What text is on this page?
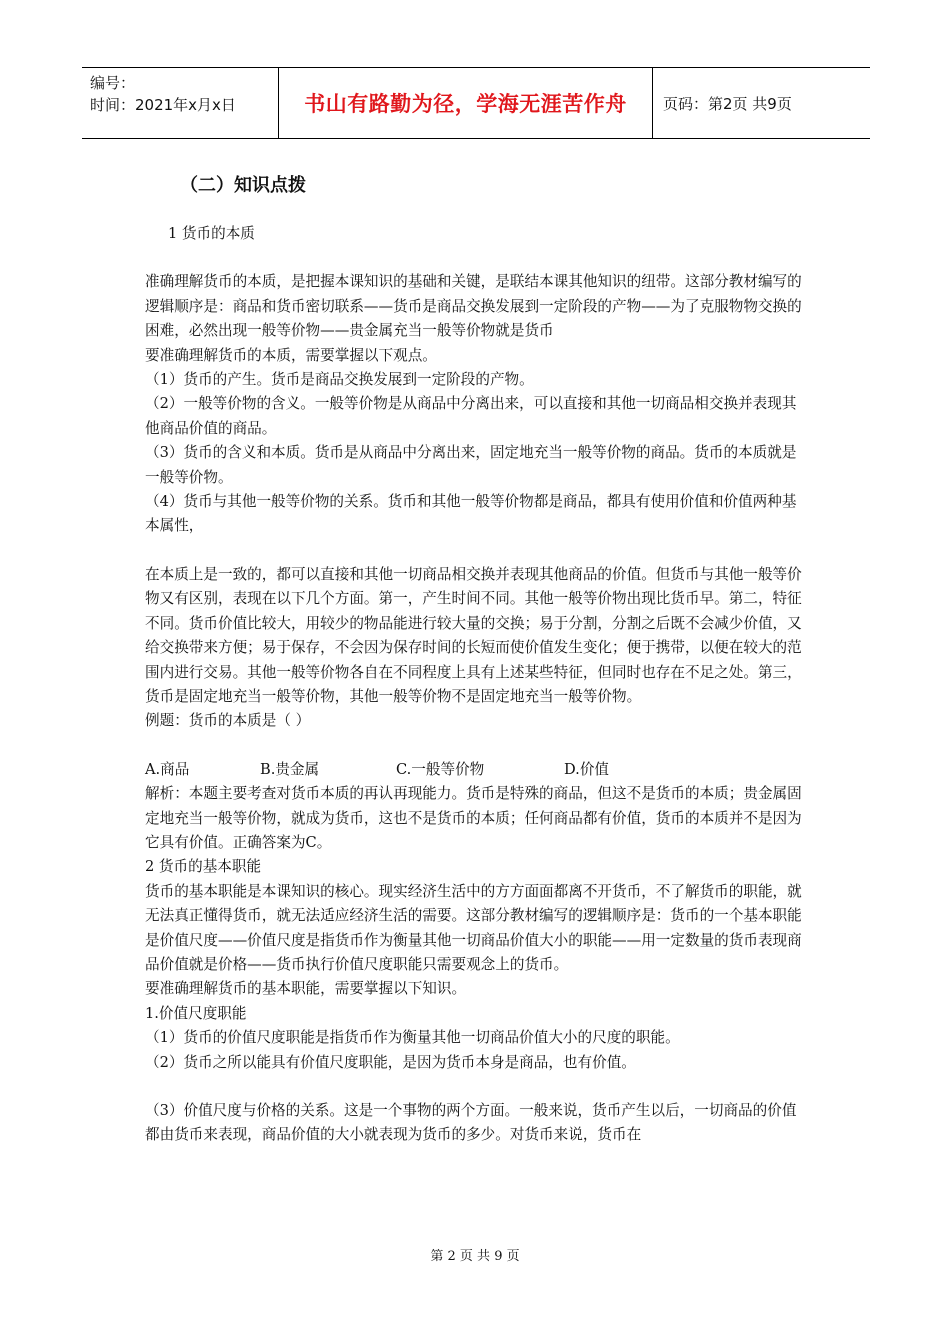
编号：
时间：2021年x月x日	书山有路勤为径，学海无涯苦作舟	页码：第2页 共9页
（二）知识点拨

1 货币的本质

准确理解货币的本质，是把握本课知识的基础和关键，是联结本课其他知识的纽带。这部分教材编写的逻辑顺序是：商品和货币密切联系——货币是商品交换发展到一定阶段的产物——为了克服物物交换的困难，必然出现一般等价物——贵金属充当一般等价物就是货币

要准确理解货币的本质，需要掌握以下观点。

（1）货币的产生。货币是商品交换发展到一定阶段的产物。

（2）一般等价物的含义。一般等价物是从商品中分离出来，可以直接和其他一切商品相交换并表现其他商品价值的商品。

（3）货币的含义和本质。货币是从商品中分离出来，固定地充当一般等价物的商品。货币的本质就是一般等价物。

（4）货币与其他一般等价物的关系。货币和其他一般等价物都是商品，都具有使用价值和价值两种基本属性，

在本质上是一致的，都可以直接和其他一切商品相交换并表现其他商品的价值。但货币与其他一般等价物又有区别，表现在以下几个方面。第一，产生时间不同。其他一般等价物出现比货币早。第二，特征不同。货币价值比较大，用较少的物品能进行较大量的交换；易于分割，分割之后既不会减少价值，又给交换带来方便；易于保存，不会因为保存时间的长短而使价值发生变化；便于携带，以便在较大的范围内进行交易。其他一般等价物各自在不同程度上具有上述某些特征，但同时也存在不足之处。第三，货币是固定地充当一般等价物，其他一般等价物不是固定地充当一般等价物。

例题：货币的本质是（ ）

A.商品	B.贵金属	C.一般等价物	D.价值

解析：本题主要考查对货币本质的再认再现能力。货币是特殊的商品，但这不是货币的本质；贵金属固定地充当一般等价物，就成为货币，这也不是货币的本质；任何商品都有价值，货币的本质并不是因为它具有价值。正确答案为C。

2 货币的基本职能

货币的基本职能是本课知识的核心。现实经济生活中的方方面面都离不开货币，不了解货币的职能，就无法真正懂得货币，就无法适应经济生活的需要。这部分教材编写的逻辑顺序是：货币的一个基本职能是价值尺度——价值尺度是指货币作为衡量其他一切商品价值大小的职能——用一定数量的货币表现商品价值就是价格——货币执行价值尺度职能只需要观念上的货币。

要准确理解货币的基本职能，需要掌握以下知识。

1.价值尺度职能

（1）货币的价值尺度职能是指货币作为衡量其他一切商品价值大小的尺度的职能。

（2）货币之所以能具有价值尺度职能，是因为货币本身是商品，也有价值。

（3）价值尺度与价格的关系。这是一个事物的两个方面。一般来说，货币产生以后，一切商品的价值都由货币来表现，商品价值的大小就表现为货币的多少。对货币来说，货币在

第 2 页 共 9 页
